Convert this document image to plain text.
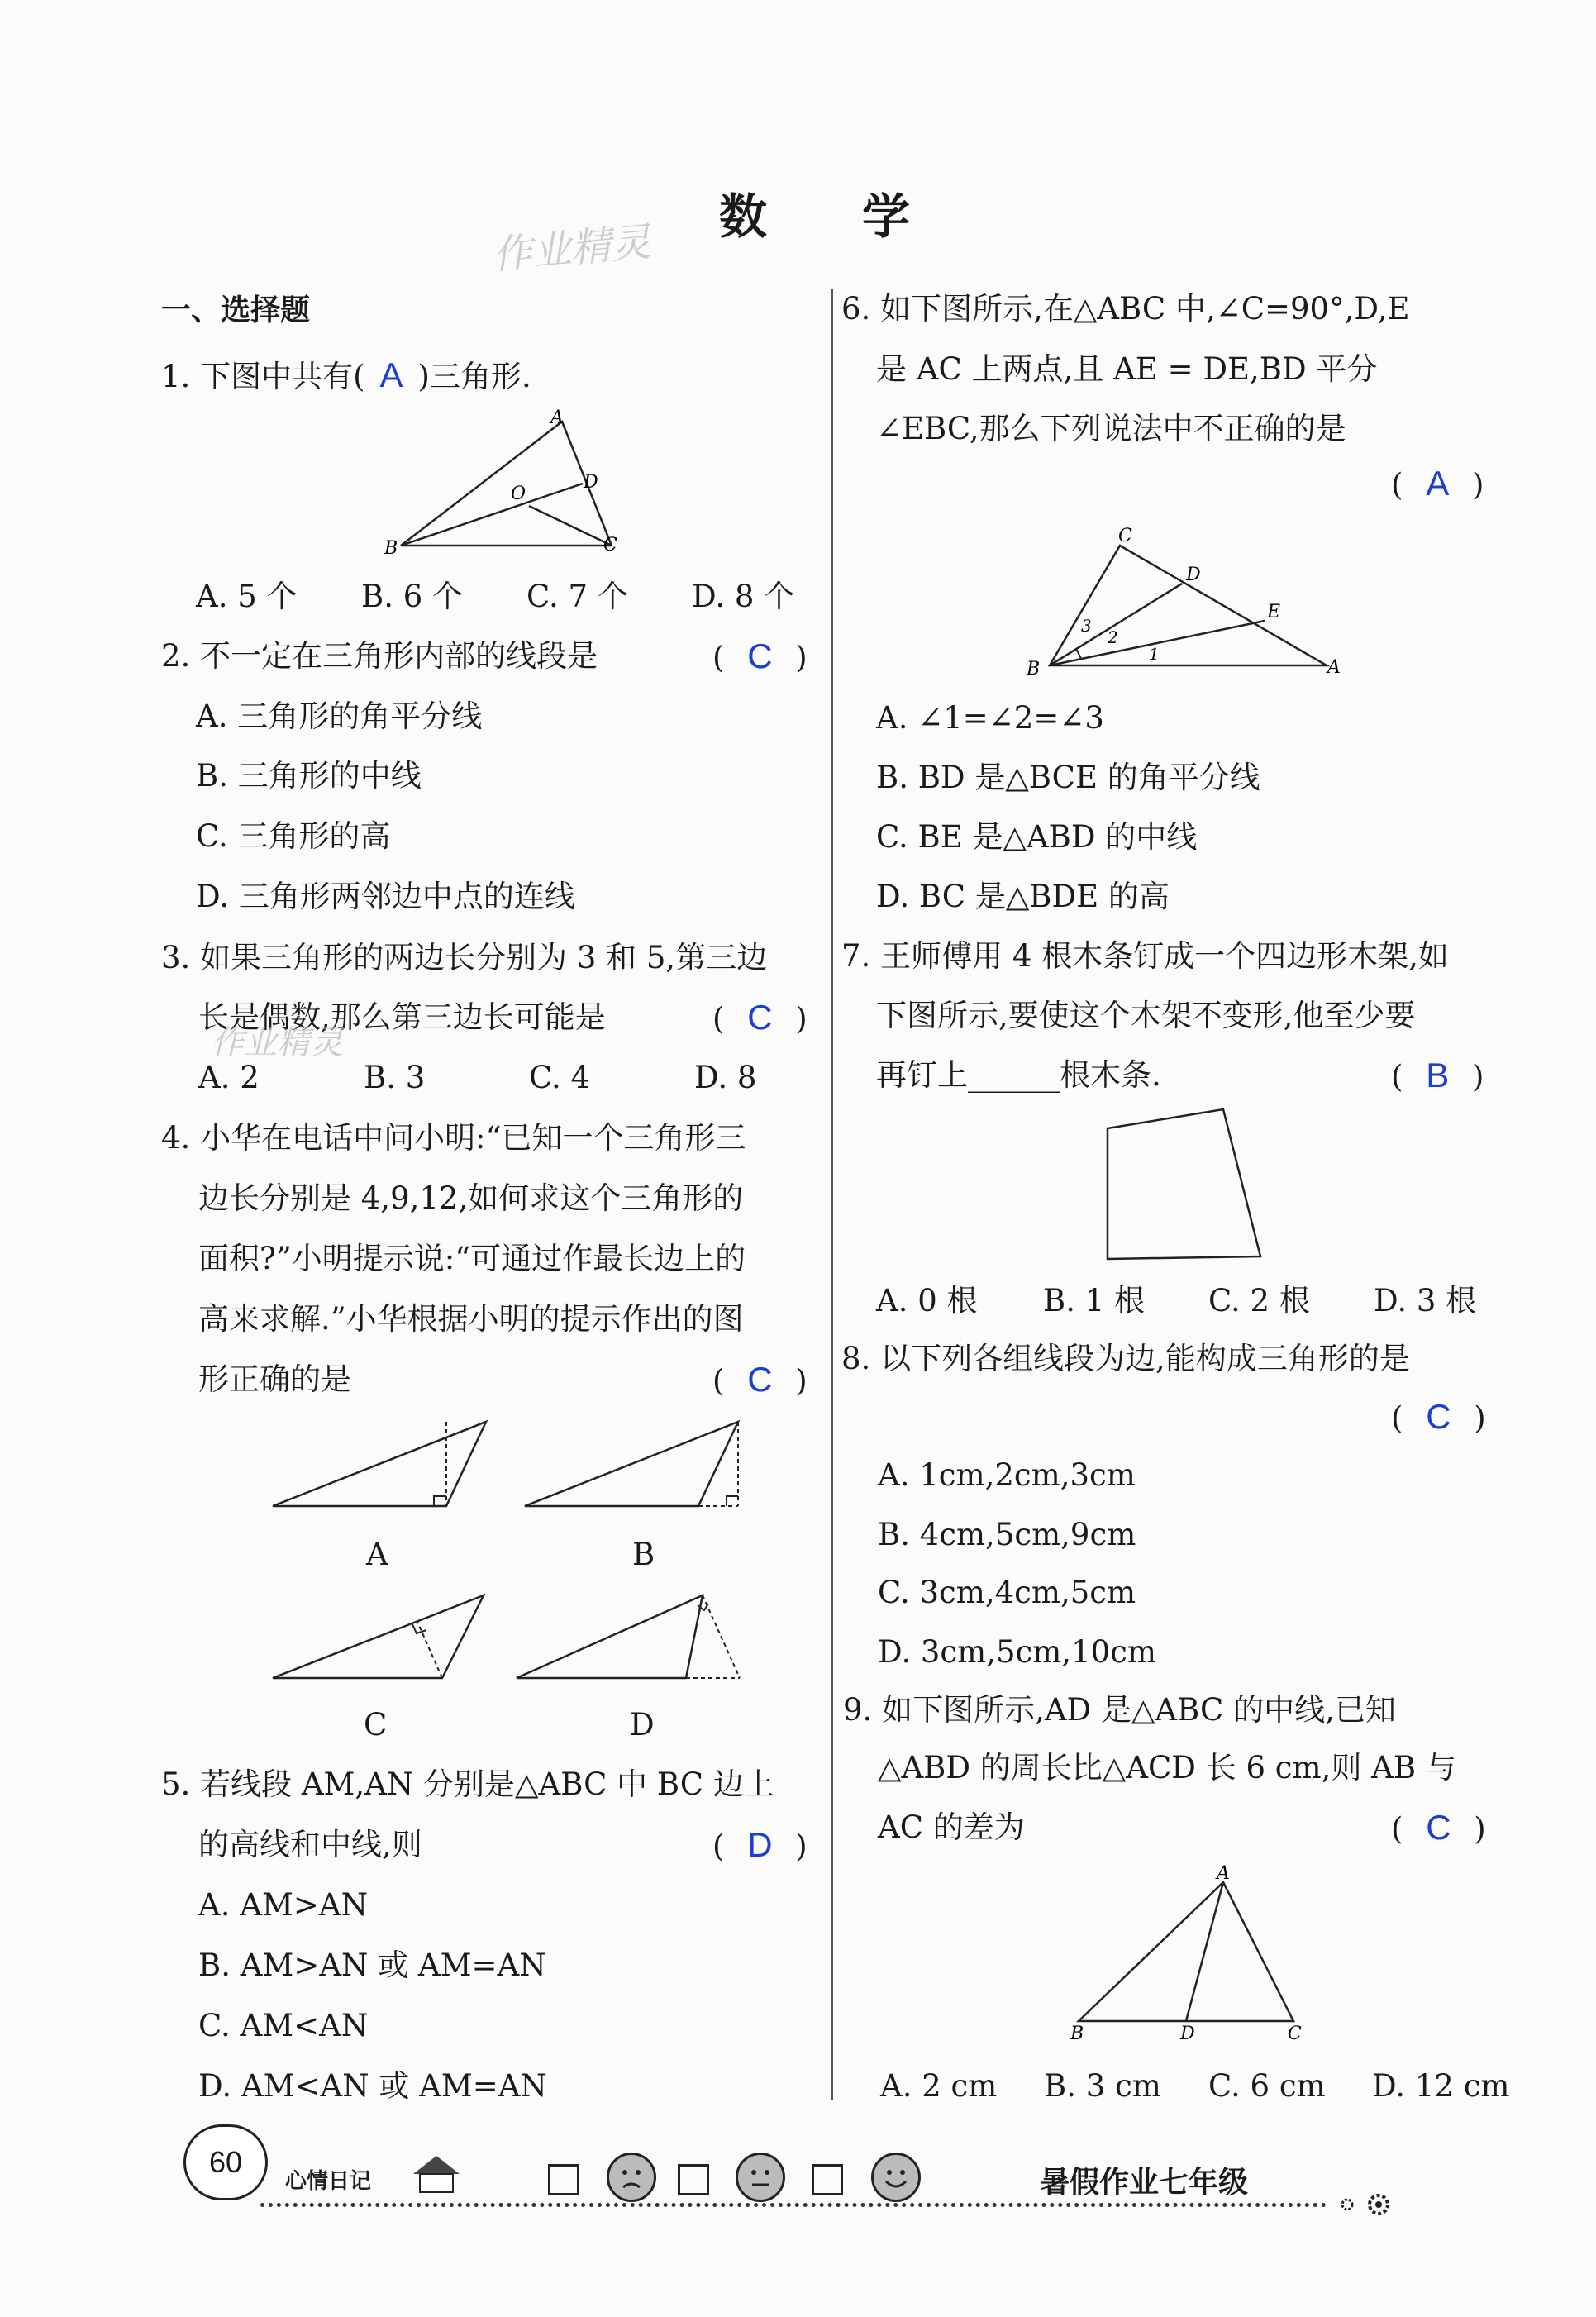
数 学
作业精灵
一、选择题
1. 下图中共有( A )三角形.
A
B	C
D
O
A. 5 个 B. 6 个 C. 7 个 D. 8 个
2. 不一定在三角形内部的线段是	( C )
A. 三角形的角平分线
B. 三角形的中线
C. 三角形的高
D. 三角形两邻边中点的连线
3. 如果三角形的两边长分别为 3 和 5,第三边
长是偶数,那么第三边长可能是	( C )
作业精灵
A. 2	B. 3	C. 4	D. 8
4. 小华在电话中问小明:“已知一个三角形三
边长分别是 4,9,12,如何求这个三角形的
面积?”小明提示说:“可通过作最长边上的
高来求解.”小华根据小明的提示作出的图
形正确的是	( C )
A	B
C	D
5. 若线段 AM,AN 分别是△ABC 中 BC 边上
的高线和中线,则	( D )
A. AM>AN
B. AM>AN 或 AM=AN
C. AM<AN
D. AM<AN 或 AM=AN
6. 如下图所示,在△ABC 中,∠C=90°,D,E
是 AC 上两点,且 AE = DE,BD 平分
∠EBC,那么下列说法中不正确的是
( A )
C
D
E
B	A
1
2
3
A. ∠1=∠2=∠3
B. BD 是△BCE 的角平分线
C. BE 是△ABD 的中线
D. BC 是△BDE 的高
7. 王师傅用 4 根木条钉成一个四边形木架,如
下图所示,要使这个木架不变形,他至少要
再钉上______根木条.	( B )
A. 0 根 B. 1 根 C. 2 根 D. 3 根
8. 以下列各组线段为边,能构成三角形的是
( C )
A. 1cm,2cm,3cm
B. 4cm,5cm,9cm
C. 3cm,4cm,5cm
D. 3cm,5cm,10cm
9. 如下图所示,AD 是△ABC 的中线,已知
△ABD 的周长比△ACD 长 6 cm,则 AB 与
AC 的差为	( C )
A
B	D	C
A. 2 cm B. 3 cm C. 6 cm D. 12 cm
60
心情日记	暑假作业七年级
